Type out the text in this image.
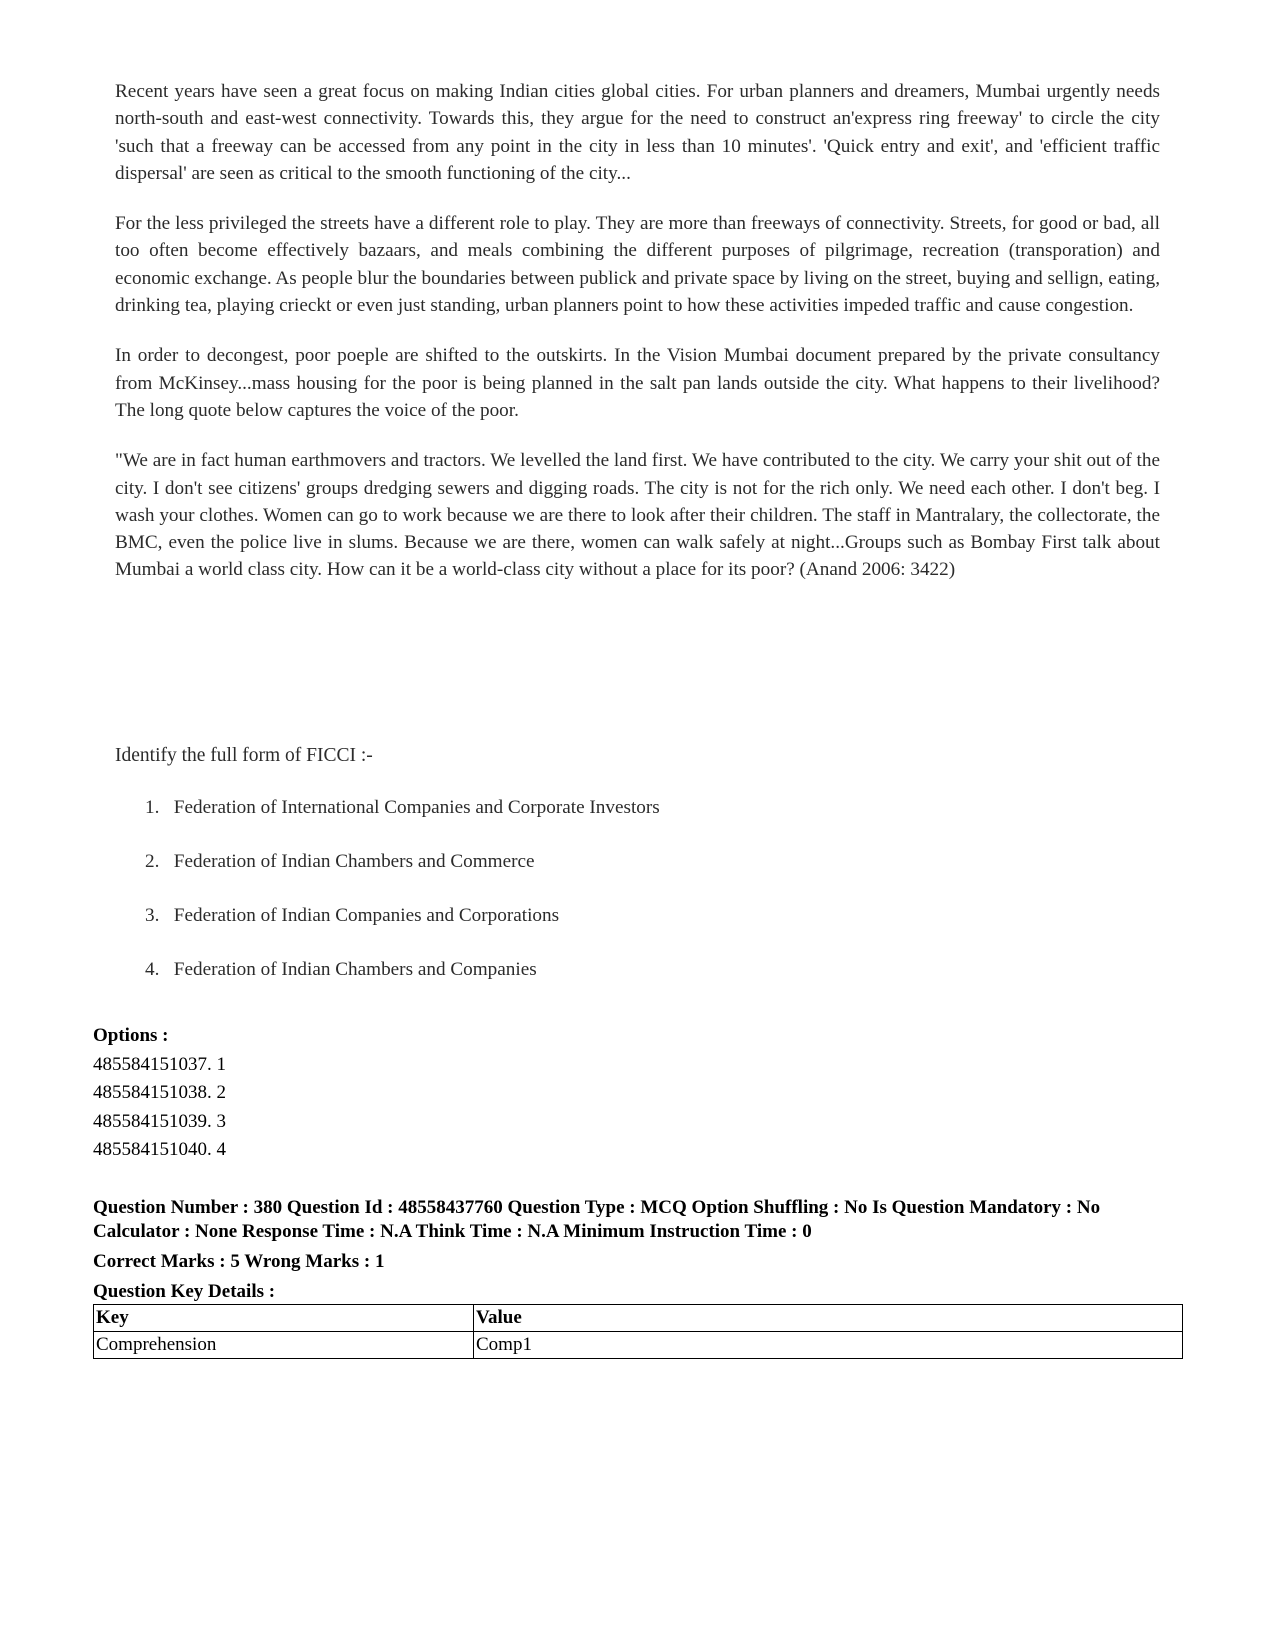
Recent years have seen a great focus on making Indian cities global cities. For urban planners and dreamers, Mumbai urgently needs north-south and east-west connectivity. Towards this, they argue for the need to construct an'express ring freeway' to circle the city 'such that a freeway can be accessed from any point in the city in less than 10 minutes'. 'Quick entry and exit', and 'efficient traffic dispersal' are seen as critical to the smooth functioning of the city...

For the less privileged the streets have a different role to play. They are more than freeways of connectivity. Streets, for good or bad, all too often become effectively bazaars, and meals combining the different purposes of pilgrimage, recreation (transporation) and economic exchange. As people blur the boundaries between publick and private space by living on the street, buying and sellign, eating, drinking tea, playing crieckt or even just standing, urban planners point to how these activities impeded traffic and cause congestion.

In order to decongest, poor poeple are shifted to the outskirts. In the Vision Mumbai document prepared by the private consultancy from McKinsey...mass housing for the poor is being planned in the salt pan lands outside the city. What happens to their livelihood? The long quote below captures the voice of the poor.

"We are in fact human earthmovers and tractors. We levelled the land first. We have contributed to the city. We carry your shit out of the city. I don't see citizens' groups dredging sewers and digging roads. The city is not for the rich only. We need each other. I don't beg. I wash your clothes. Women can go to work because we are there to look after their children. The staff in Mantralary, the collectorate, the BMC, even the police live in slums. Because we are there, women can walk safely at night...Groups such as Bombay First talk about Mumbai a world class city. How can it be a world-class city without a place for its poor? (Anand 2006: 3422)

Identify the full form of FICCI :-
1. Federation of International Companies and Corporate Investors
2. Federation of Indian Chambers and Commerce
3. Federation of Indian Companies and Corporations
4. Federation of Indian Chambers and Companies
Options :
485584151037. 1
485584151038. 2
485584151039. 3
485584151040. 4
Question Number : 380 Question Id : 48558437760 Question Type : MCQ Option Shuffling : No Is Question Mandatory : No Calculator : None Response Time : N.A Think Time : N.A Minimum Instruction Time : 0
Correct Marks : 5 Wrong Marks : 1
Question Key Details :
Key	Value
Comprehension	Comp1
